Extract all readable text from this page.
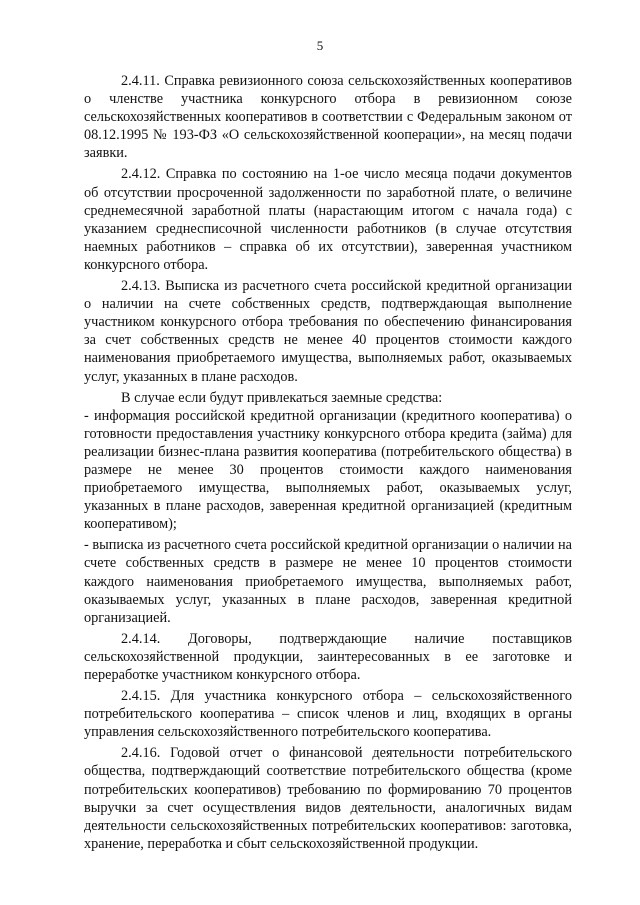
5

2.4.11. Справка ревизионного союза сельскохозяйственных кооперативов о членстве участника конкурсного отбора в ревизионном союзе сельскохозяйственных кооперативов в соответствии с Федеральным законом от 08.12.1995 № 193-ФЗ «О сельскохозяйственной кооперации», на месяц подачи заявки.

2.4.12. Справка по состоянию на 1-ое число месяца подачи документов об отсутствии просроченной задолженности по заработной плате, о величине среднемесячной заработной платы (нарастающим итогом с начала года) с указанием среднесписочной численности работников (в случае отсутствия наемных работников – справка об их отсутствии), заверенная участником конкурсного отбора.

2.4.13. Выписка из расчетного счета российской кредитной организации о наличии на счете собственных средств, подтверждающая выполнение участником конкурсного отбора требования по обеспечению финансирования за счет собственных средств не менее 40 процентов стоимости каждого наименования приобретаемого имущества, выполняемых работ, оказываемых услуг, указанных в плане расходов.

В случае если будут привлекаться заемные средства:

- информация российской кредитной организации (кредитного кооператива) о готовности предоставления участнику конкурсного отбора кредита (займа) для реализации бизнес-плана развития кооператива (потребительского общества) в размере не менее 30 процентов стоимости каждого наименования приобретаемого имущества, выполняемых работ, оказываемых услуг, указанных в плане расходов, заверенная кредитной организацией (кредитным кооперативом);

- выписка из расчетного счета российской кредитной организации о наличии на счете собственных средств в размере не менее 10 процентов стоимости каждого наименования приобретаемого имущества, выполняемых работ, оказываемых услуг, указанных в плане расходов, заверенная кредитной организацией.

2.4.14. Договоры, подтверждающие наличие поставщиков сельскохозяйственной продукции, заинтересованных в ее заготовке и переработке участником конкурсного отбора.

2.4.15. Для участника конкурсного отбора – сельскохозяйственного потребительского кооператива – список членов и лиц, входящих в органы управления сельскохозяйственного потребительского кооператива.

2.4.16. Годовой отчет о финансовой деятельности потребительского общества, подтверждающий соответствие потребительского общества (кроме потребительских кооперативов) требованию по формированию 70 процентов выручки за счет осуществления видов деятельности, аналогичных видам деятельности сельскохозяйственных потребительских кооперативов: заготовка, хранение, переработка и сбыт сельскохозяйственной продукции.
